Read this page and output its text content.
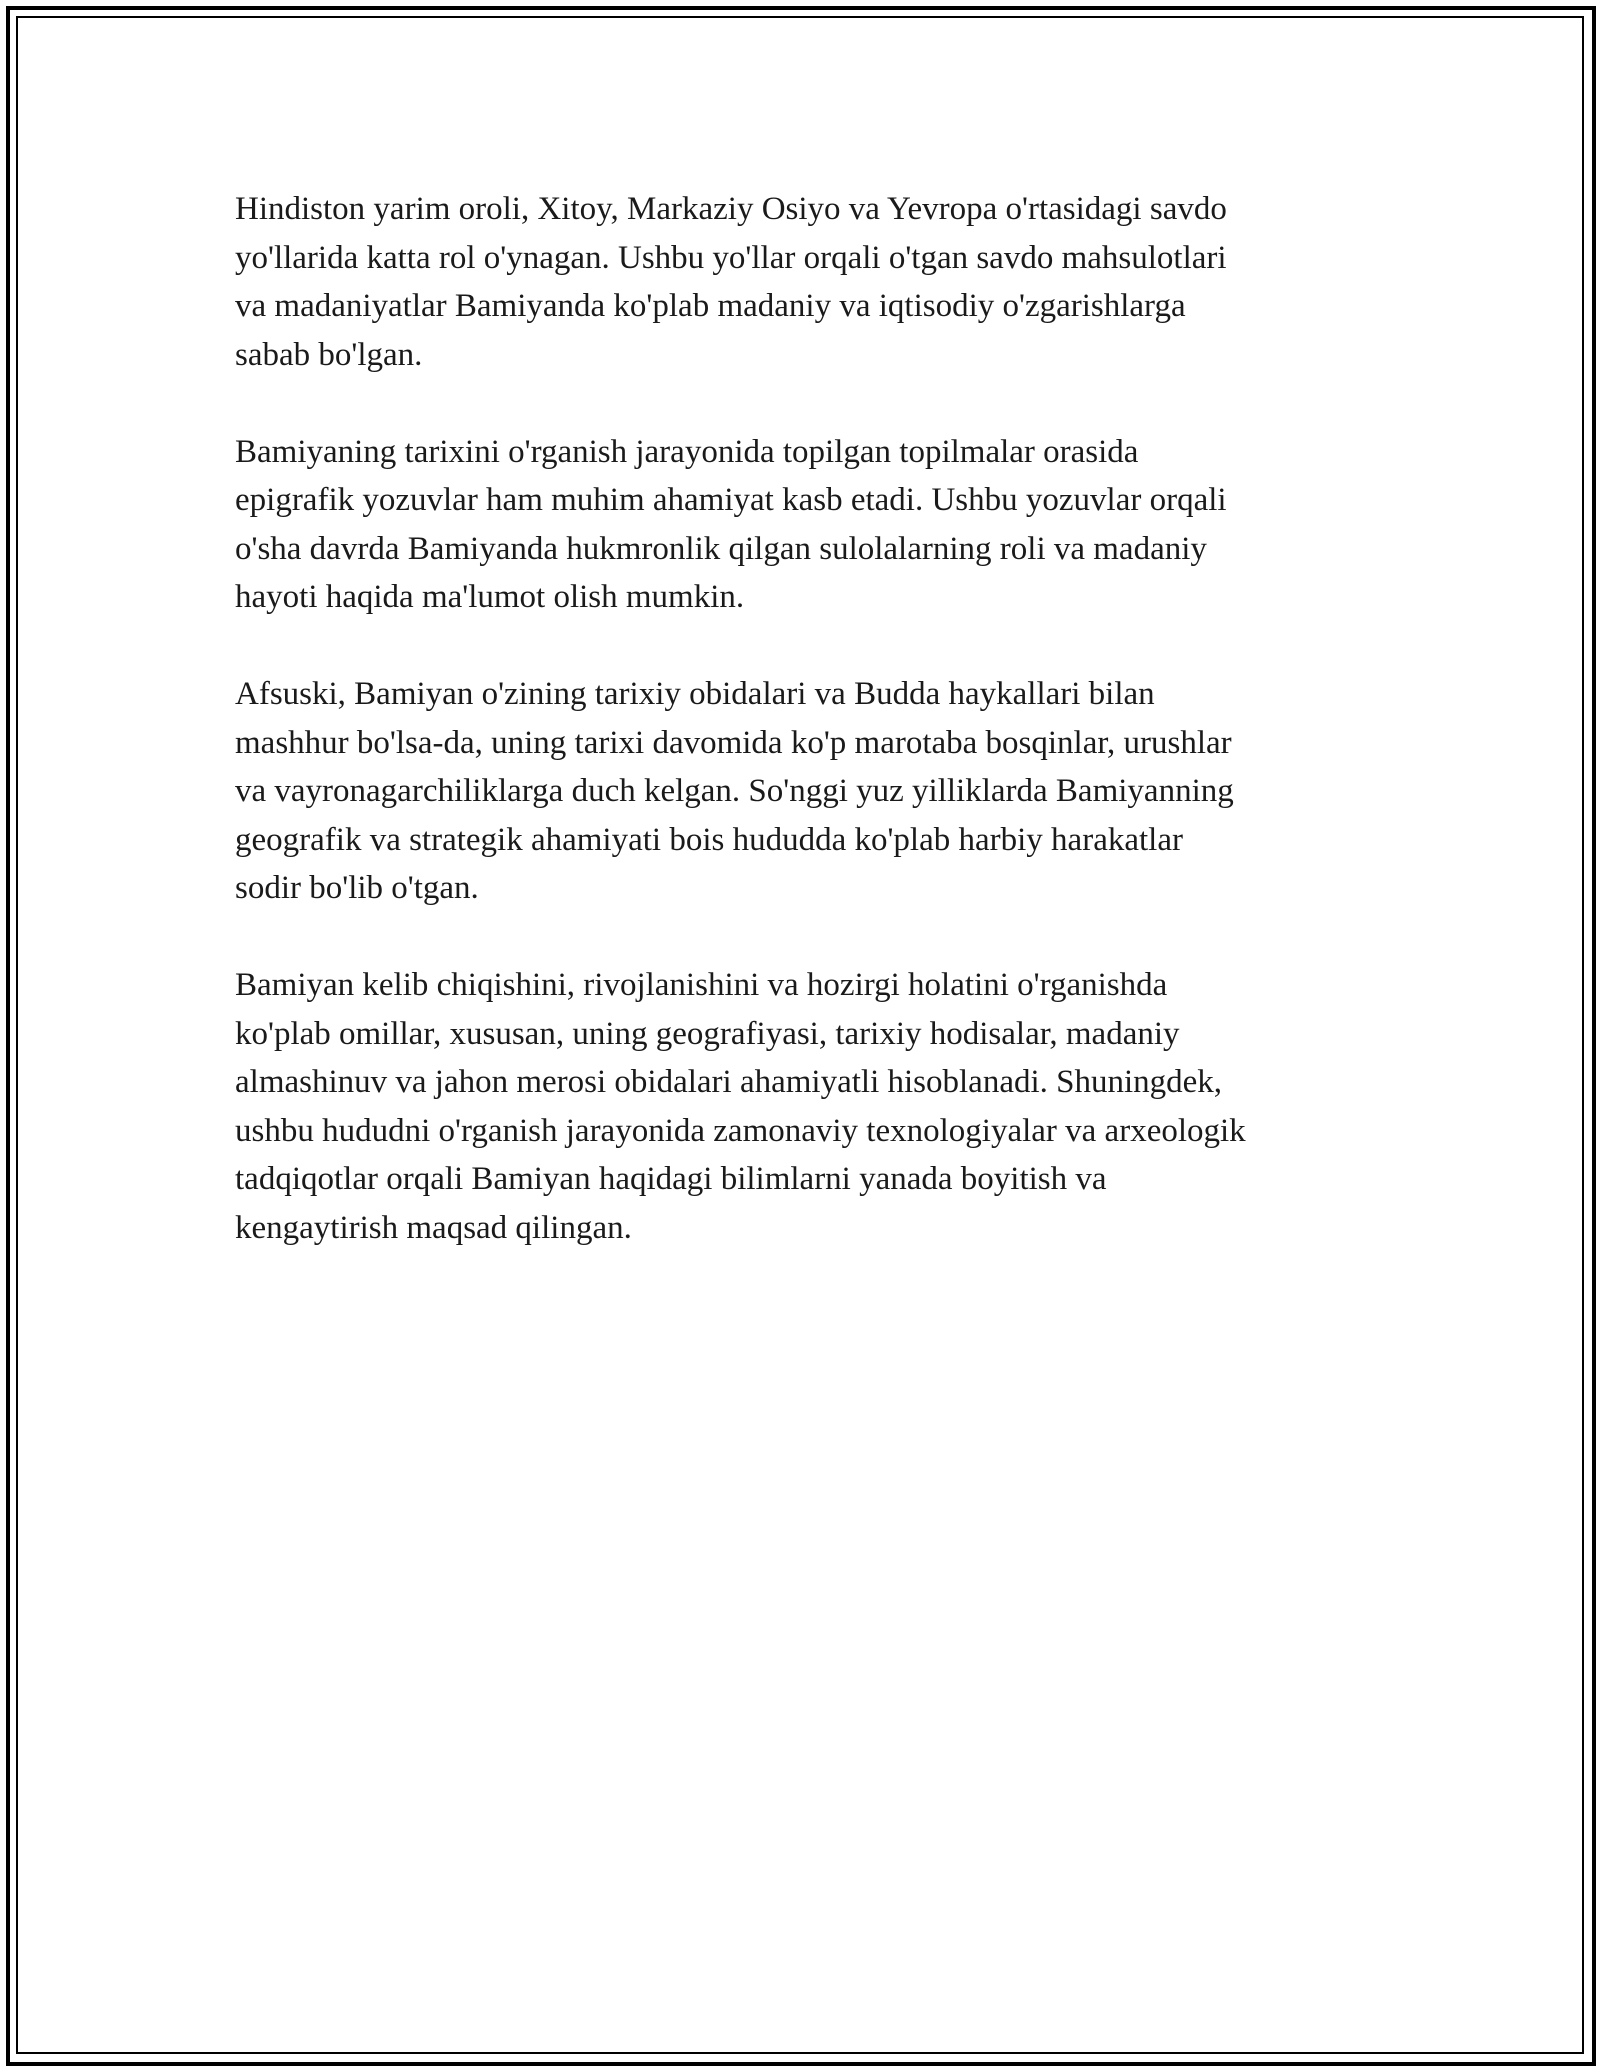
Hindiston yarim oroli, Xitoy, Markaziy Osiyo va Yevropa o'rtasidagi savdo
yo'llarida katta rol o'ynagan. Ushbu yo'llar orqali o'tgan savdo mahsulotlari
va madaniyatlar Bamiyanda ko'plab madaniy va iqtisodiy o'zgarishlarga
sabab bo'lgan.

Bamiyaning tarixini o'rganish jarayonida topilgan topilmalar orasida
epigrafik yozuvlar ham muhim ahamiyat kasb etadi. Ushbu yozuvlar orqali
o'sha davrda Bamiyanda hukmronlik qilgan sulolalarning roli va madaniy
hayoti haqida ma'lumot olish mumkin.

Afsuski, Bamiyan o'zining tarixiy obidalari va Budda haykallari bilan
mashhur bo'lsa-da, uning tarixi davomida ko'p marotaba bosqinlar, urushlar
va vayronagarchiliklarga duch kelgan. So'nggi yuz yilliklarda Bamiyanning
geografik va strategik ahamiyati bois hududda ko'plab harbiy harakatlar
sodir bo'lib o'tgan.

Bamiyan kelib chiqishini, rivojlanishini va hozirgi holatini o'rganishda
ko'plab omillar, xususan, uning geografiyasi, tarixiy hodisalar, madaniy
almashinuv va jahon merosi obidalari ahamiyatli hisoblanadi. Shuningdek,
ushbu hududni o'rganish jarayonida zamonaviy texnologiyalar va arxeologik
tadqiqotlar orqali Bamiyan haqidagi bilimlarni yanada boyitish va
kengaytirish maqsad qilingan.
